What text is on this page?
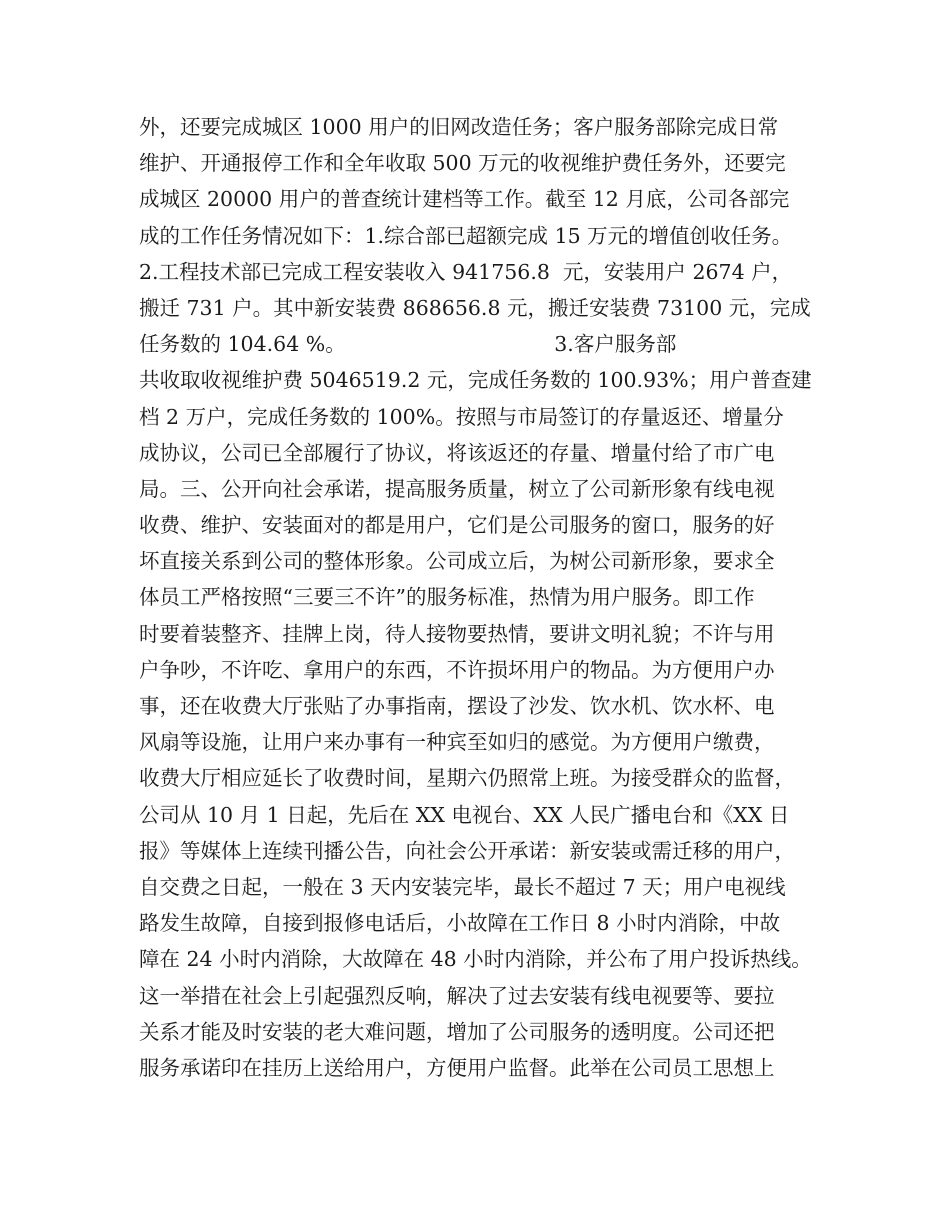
外，还要完成城区 1000 用户的旧网改造任务；客户服务部除完成日常
维护、开通报停工作和全年收取 500 万元的收视维护费任务外，还要完
成城区 20000 用户的普查统计建档等工作。截至 12 月底，公司各部完
成的工作任务情况如下：1.综合部已超额完成 15 万元的增值创收任务。
2.工程技术部已完成工程安装收入 941756.8  元，安装用户 2674 户，
搬迁 731 户。其中新安装费 868656.8 元，搬迁安装费 73100 元，完成
任务数的 104.64 %。                                3.客户服务部
共收取收视维护费 5046519.2 元，完成任务数的 100.93%；用户普查建
档 2 万户，完成任务数的 100%。按照与市局签订的存量返还、增量分
成协议，公司已全部履行了协议，将该返还的存量、增量付给了市广电
局。三、公开向社会承诺，提高服务质量，树立了公司新形象有线电视
收费、维护、安装面对的都是用户，它们是公司服务的窗口，服务的好
坏直接关系到公司的整体形象。公司成立后，为树公司新形象，要求全
体员工严格按照“三要三不许”的服务标准，热情为用户服务。即工作
时要着装整齐、挂牌上岗，待人接物要热情，要讲文明礼貌；不许与用
户争吵，不许吃、拿用户的东西，不许损坏用户的物品。为方便用户办
事，还在收费大厅张贴了办事指南，摆设了沙发、饮水机、饮水杯、电
风扇等设施，让用户来办事有一种宾至如归的感觉。为方便用户缴费，
收费大厅相应延长了收费时间，星期六仍照常上班。为接受群众的监督，
公司从 10 月 1 日起，先后在 XX 电视台、XX 人民广播电台和《XX 日
报》等媒体上连续刊播公告，向社会公开承诺：新安装或需迁移的用户，
自交费之日起，一般在 3 天内安装完毕，最长不超过 7 天；用户电视线
路发生故障，自接到报修电话后，小故障在工作日 8 小时内消除，中故
障在 24 小时内消除，大故障在 48 小时内消除，并公布了用户投诉热线。
这一举措在社会上引起强烈反响，解决了过去安装有线电视要等、要拉
关系才能及时安装的老大难问题，增加了公司服务的透明度。公司还把
服务承诺印在挂历上送给用户，方便用户监督。此举在公司员工思想上
